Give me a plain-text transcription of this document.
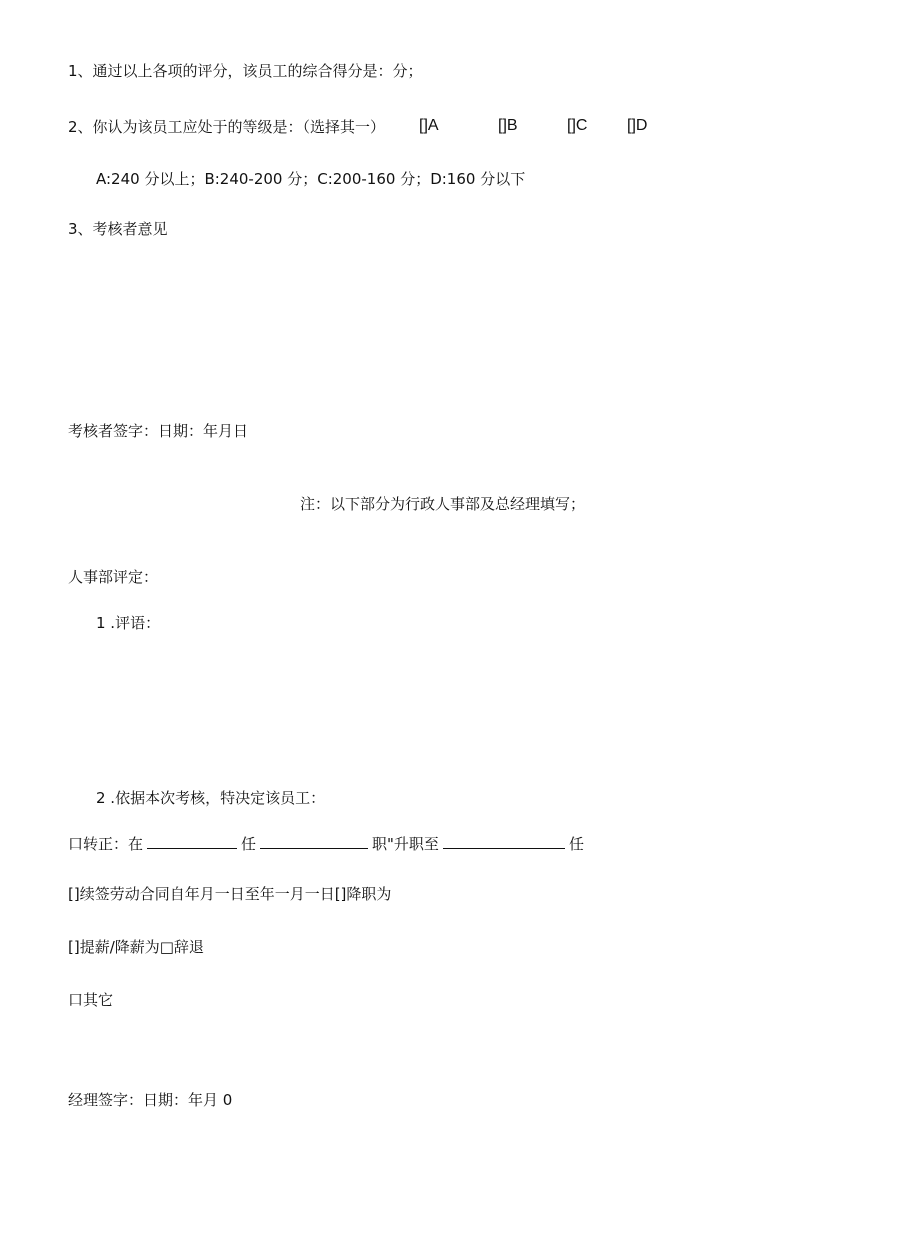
1、通过以上各项的评分，该员工的综合得分是：分；
2、你认为该员工应处于的等级是：（选择其一） []A	[]B	[]C []D
A:240 分以上；B:240-200 分；C:200-160 分；D:160 分以下
3、考核者意见
考核者签字：日期：年月日
注：以下部分为行政人事部及总经理填写；
人事部评定：
1 .评语：
2 .依据本次考核，特决定该员工：
口转正：在	任	职"升职至	任
[]续签劳动合同自年月一日至年一月一日[]降职为
[]提薪/降薪为□辞退
口其它
经理签字：日期：年月 0
